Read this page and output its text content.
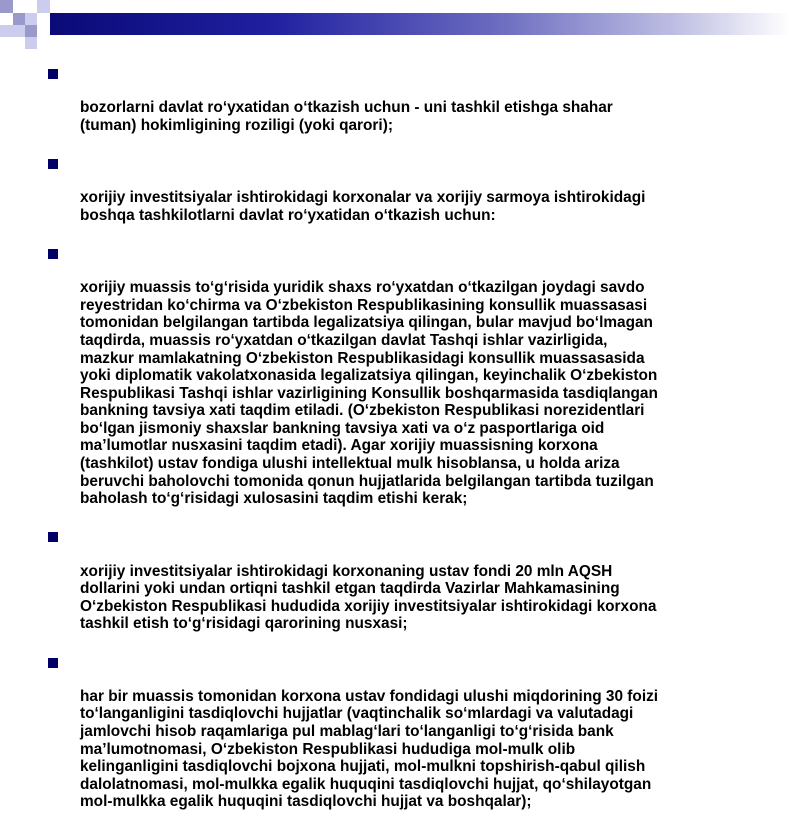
bozorlarni davlat ro‘yxatidan o‘tkazish uchun - uni tashkil etishga shahar
(tuman) hokimligining roziligi (yoki qarori);

xorijiy investitsiyalar ishtirokidagi korxonalar va xorijiy sarmoya ishtirokidagi
boshqa tashkilotlarni davlat ro‘yxatidan o‘tkazish uchun:

xorijiy muassis to‘g‘risida yuridik shaxs ro‘yxatdan o‘tkazilgan joydagi savdo
reyestridan ko‘chirma va O‘zbekiston Respublikasining konsullik muassasasi
tomonidan belgilangan tartibda legalizatsiya qilingan, bular mavjud bo‘lmagan
taqdirda, muassis ro‘yxatdan o‘tkazilgan davlat Tashqi ishlar vazirligida,
mazkur mamlakatning O‘zbekiston Respublikasidagi konsullik muassasasida
yoki diplomatik vakolatxonasida legalizatsiya qilingan, keyinchalik O‘zbekiston
Respublikasi Tashqi ishlar vazirligining Konsullik boshqarmasida tasdiqlangan
bankning tavsiya xati taqdim etiladi. (O‘zbekiston Respublikasi norezidentlari
bo‘lgan jismoniy shaxslar bankning tavsiya xati va o‘z pasportlariga oid
ma’lumotlar nusxasini taqdim etadi). Agar xorijiy muassisning korxona
(tashkilot) ustav fondiga ulushi intellektual mulk hisoblansa, u holda ariza
beruvchi baholovchi tomonida qonun hujjatlarida belgilangan tartibda tuzilgan
baholash to‘g‘risidagi xulosasini taqdim etishi kerak;

xorijiy investitsiyalar ishtirokidagi korxonaning ustav fondi 20 mln AQSH
dollarini yoki undan ortiqni tashkil etgan taqdirda Vazirlar Mahkamasining
O‘zbekiston Respublikasi hududida xorijiy investitsiyalar ishtirokidagi korxona
tashkil etish to‘g‘risidagi qarorining nusxasi;

har bir muassis tomonidan korxona ustav fondidagi ulushi miqdorining 30 foizi
to‘langanligini tasdiqlovchi hujjatlar (vaqtinchalik so‘mlardagi va valutadagi
jamlovchi hisob raqamlariga pul mablag‘lari to‘langanligi to‘g‘risida bank
ma’lumotnomasi, O‘zbekiston Respublikasi hududiga mol-mulk olib
kelinganligini tasdiqlovchi bojxona hujjati, mol-mulkni topshirish-qabul qilish
dalolatnomasi, mol-mulkka egalik huquqini tasdiqlovchi hujjat, qo‘shilayotgan
mol-mulkka egalik huquqini tasdiqlovchi hujjat va boshqalar);
